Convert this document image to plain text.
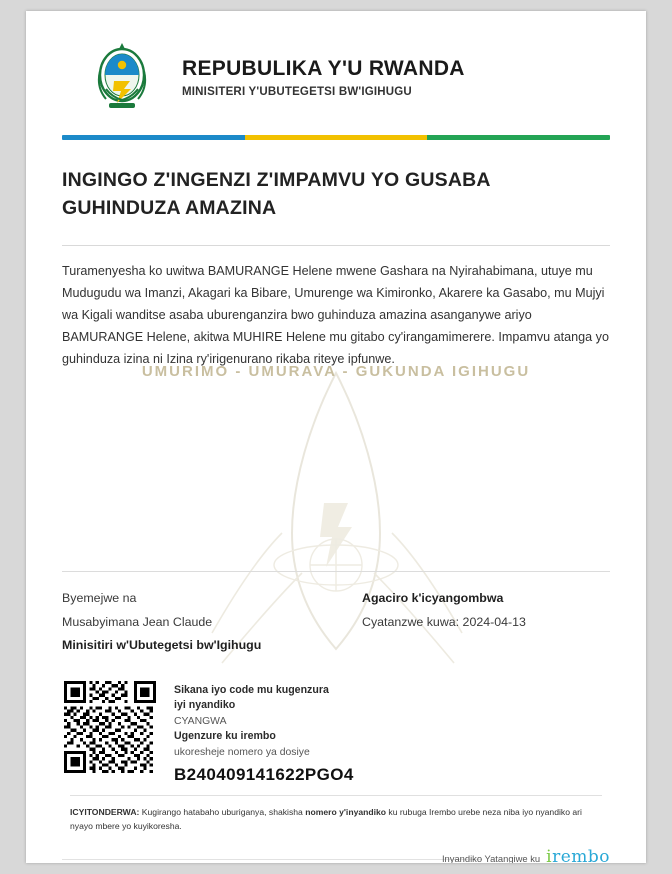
UMURIMO - UMURAVA - GUKUNDA IGIHUGU
REPUBULIKA Y'U RWANDA
MINISITERI Y'UBUTEGETSI BW'IGIHUGU
INGINGO Z'INGENZI Z'IMPAMVU YO GUSABA GUHINDUZA AMAZINA
Turamenyesha ko uwitwa BAMURANGE Helene mwene Gashara na Nyirahabimana, utuye mu Mudugudu wa Imanzi, Akagari ka Bibare, Umurenge wa Kimironko, Akarere ka Gasabo, mu Mujyi wa Kigali wanditse asaba uburenganzira bwo guhinduza amazina asanganywe ariyo BAMURANGE Helene, akitwa MUHIRE Helene mu gitabo cy'irangamimerere. Impamvu atanga yo guhinduza izina ni Izina ry'irigenurano rikaba riteye ipfunwe.
Byemejwe na
Musabyimana Jean Claude
Minisitiri w'Ubutegetsi bw'Igihugu
Agaciro k'icyangombwa
Cyatanzwe kuwa: 2024-04-13
Sikana iyo code mu kugenzura
iyi nyandiko
CYANGWA
Ugenzure ku irembo
ukoresheje nomero ya dosiye
B240409141622PGO4
ICYITONDERWA: Kugirango hatabaho uburiganya, shakisha nomero y'inyandiko ku rubuga Irembo urebe neza niba iyo nyandiko ari nyayo mbere yo kuyikoresha.
Inyandiko Yatangiwe ku irembo
